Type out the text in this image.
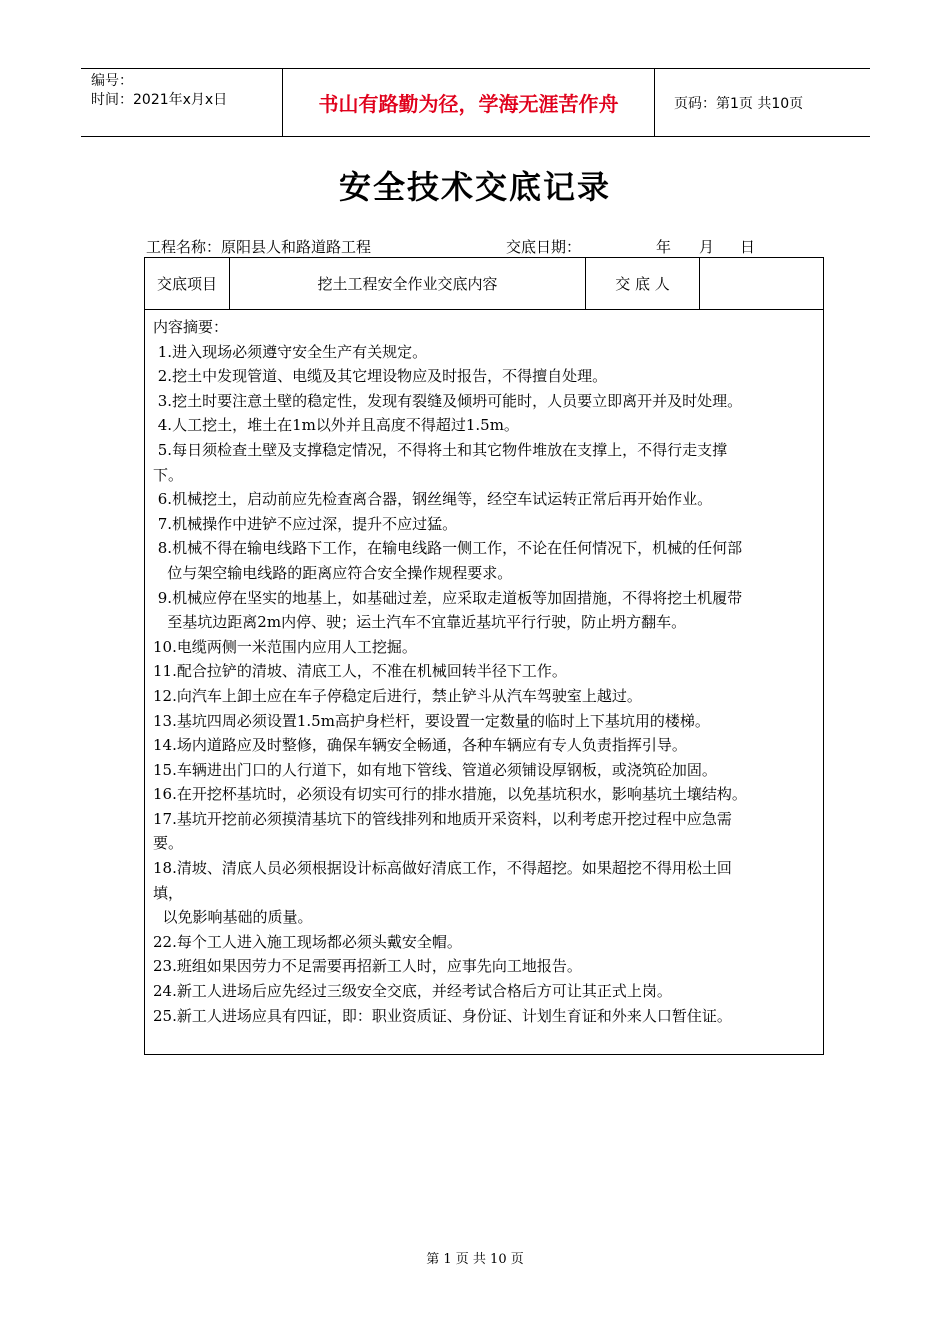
编号：
时间：2021年x月x日	书山有路勤为径，学海无涯苦作舟	页码：第1页 共10页
安全技术交底记录
工程名称：原阳县人和路道路工程	交底日期：	年 月 日
交底项目	挖土工程安全作业交底内容	交 底 人
内容摘要：
1.进入现场必须遵守安全生产有关规定。
2.挖土中发现管道、电缆及其它埋设物应及时报告，不得擅自处理。
3.挖土时要注意土壁的稳定性，发现有裂缝及倾坍可能时，人员要立即离开并及时处理。
4.人工挖土，堆土在1m以外并且高度不得超过1.5m。
5.每日须检查土壁及支撑稳定情况，不得将土和其它物件堆放在支撑上，不得行走支撑
下。
6.机械挖土，启动前应先检查离合器，钢丝绳等，经空车试运转正常后再开始作业。
7.机械操作中进铲不应过深，提升不应过猛。
8.机械不得在输电线路下工作，在输电线路一侧工作，不论在任何情况下，机械的任何部
位与架空输电线路的距离应符合安全操作规程要求。
9.机械应停在坚实的地基上，如基础过差，应采取走道板等加固措施，不得将挖土机履带
至基坑边距离2m内停、驶；运土汽车不宜靠近基坑平行行驶，防止坍方翻车。
10.电缆两侧一米范围内应用人工挖掘。
11.配合拉铲的清坡、清底工人，不准在机械回转半径下工作。
12.向汽车上卸土应在车子停稳定后进行，禁止铲斗从汽车驾驶室上越过。
13.基坑四周必须设置1.5m高护身栏杆，要设置一定数量的临时上下基坑用的楼梯。
14.场内道路应及时整修，确保车辆安全畅通，各种车辆应有专人负责指挥引导。
15.车辆进出门口的人行道下，如有地下管线、管道必须铺设厚钢板，或浇筑砼加固。
16.在开挖杯基坑时，必须设有切实可行的排水措施，以免基坑积水，影响基坑土壤结构。
17.基坑开挖前必须摸清基坑下的管线排列和地质开采资料，以利考虑开挖过程中应急需
要。
18.清坡、清底人员必须根据设计标高做好清底工作，不得超挖。如果超挖不得用松土回
填，
以免影响基础的质量。
22.每个工人进入施工现场都必须头戴安全帽。
23.班组如果因劳力不足需要再招新工人时，应事先向工地报告。
24.新工人进场后应先经过三级安全交底，并经考试合格后方可让其正式上岗。
25.新工人进场应具有四证，即：职业资质证、身份证、计划生育证和外来人口暂住证。
第 1 页 共 10 页
